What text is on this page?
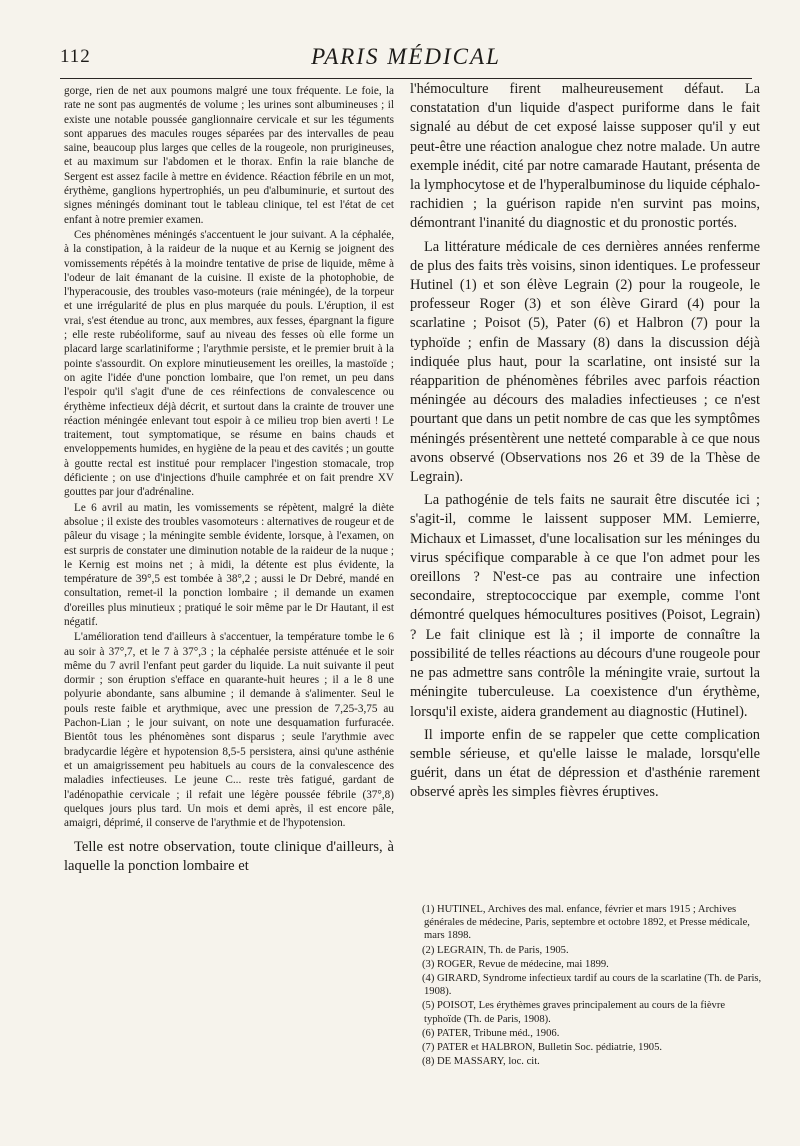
112	PARIS MÉDICAL

gorge, rien de net aux poumons malgré une toux fréquente. Le foie, la rate ne sont pas augmentés de volume ; les urines sont albumineuses ; il existe une notable poussée ganglionnaire cervicale et sur les téguments sont apparues des macules rouges séparées par des intervalles de peau saine, beaucoup plus larges que celles de la rougeole, non prurigineuses, et au maximum sur l'abdomen et le thorax. Enfin la raie blanche de Sergent est assez facile à mettre en évidence. Réaction fébrile en un mot, érythème, ganglions hypertrophiés, un peu d'albuminurie, et surtout des signes méningés dominant tout le tableau clinique, tel est l'état de cet enfant à notre premier examen.

Ces phénomènes méningés s'accentuent le jour suivant. A la céphalée, à la constipation, à la raideur de la nuque et au Kernig se joignent des vomissements répétés à la moindre tentative de prise de liquide, même à l'odeur de lait émanant de la cuisine. Il existe de la photophobie, de l'hyperacousie, des troubles vaso-moteurs (raie méningée), de la torpeur et une irrégularité de plus en plus marquée du pouls. L'éruption, il est vrai, s'est étendue au tronc, aux membres, aux fesses, épargnant la figure ; elle reste rubéoliforme, sauf au niveau des fesses où elle forme un placard large scarlatiniforme ; l'arythmie persiste, et le premier bruit à la pointe s'assourdit. On explore minutieusement les oreilles, la mastoïde ; on agite l'idée d'une ponction lombaire, que l'on remet, un peu dans l'espoir qu'il s'agit d'une de ces réinfections de convalescence ou érythème infectieux déjà décrit, et surtout dans la crainte de trouver une réaction méningée enlevant tout espoir à ce milieu trop bien averti ! Le traitement, tout symptomatique, se résume en bains chauds et enveloppements humides, en hygiène de la peau et des cavités ; un goutte à goutte rectal est institué pour remplacer l'ingestion stomacale, trop déficiente ; on use d'injections d'huile camphrée et on fait prendre XV gouttes par jour d'adrénaline.

Le 6 avril au matin, les vomissements se répètent, malgré la diète absolue ; il existe des troubles vasomoteurs : alternatives de rougeur et de pâleur du visage ; la méningite semble évidente, lorsque, à l'examen, on est surpris de constater une diminution notable de la raideur de la nuque ; le Kernig est moins net ; à midi, la détente est plus évidente, la température de 39°,5 est tombée à 38°,2 ; aussi le Dr Debré, mandé en consultation, remet-il la ponction lombaire ; il demande un examen d'oreilles plus minutieux ; pratiqué le soir même par le Dr Hautant, il est négatif.

L'amélioration tend d'ailleurs à s'accentuer, la température tombe le 6 au soir à 37°,7, et le 7 à 37°,3 ; la céphalée persiste atténuée et le soir même du 7 avril l'enfant peut garder du liquide. La nuit suivante il peut dormir ; son éruption s'efface en quarante-huit heures ; il a le 8 une polyurie abondante, sans albumine ; il demande à s'alimenter. Seul le pouls reste faible et arythmique, avec une pression de 7,25-3,75 au Pachon-Lian ; le jour suivant, on note une desquamation furfuracée. Bientôt tous les phénomènes sont disparus ; seule l'arythmie avec bradycardie légère et hypotension 8,5-5 persistera, ainsi qu'une asthénie et un amaigrissement peu habituels au cours de la convalescence des maladies infectieuses. Le jeune C... reste très fatigué, gardant de l'adénopathie cervicale ; il refait une légère poussée fébrile (37°,8) quelques jours plus tard. Un mois et demi après, il est encore pâle, amaigri, déprimé, il conserve de l'arythmie et de l'hypotension.

Telle est notre observation, toute clinique d'ailleurs, à laquelle la ponction lombaire et

l'hémoculture firent malheureusement défaut. La constatation d'un liquide d'aspect puriforme dans le fait signalé au début de cet exposé laisse supposer qu'il y eut peut-être une réaction analogue chez notre malade. Un autre exemple inédit, cité par notre camarade Hautant, présenta de la lymphocytose et de l'hyperalbuminose du liquide céphalo-rachidien ; la guérison rapide n'en survint pas moins, démontrant l'inanité du diagnostic et du pronostic portés.

La littérature médicale de ces dernières années renferme de plus des faits très voisins, sinon identiques. Le professeur Hutinel (1) et son élève Legrain (2) pour la rougeole, le professeur Roger (3) et son élève Girard (4) pour la scarlatine ; Poisot (5), Pater (6) et Halbron (7) pour la typhoïde ; enfin de Massary (8) dans la discussion déjà indiquée plus haut, pour la scarlatine, ont insisté sur la réapparition de phénomènes fébriles avec parfois réaction méningée au décours des maladies infectieuses ; ce n'est pourtant que dans un petit nombre de cas que les symptômes méningés présentèrent une netteté comparable à ce que nous avons observé (Observations nos 26 et 39 de la Thèse de Legrain).

La pathogénie de tels faits ne saurait être discutée ici ; s'agit-il, comme le laissent supposer MM. Lemierre, Michaux et Limasset, d'une localisation sur les méninges du virus spécifique comparable à ce que l'on admet pour les oreillons ? N'est-ce pas au contraire une infection secondaire, streptococcique par exemple, comme l'ont démontré quelques hémocultures positives (Poisot, Legrain) ? Le fait clinique est là ; il importe de connaître la possibilité de telles réactions au décours d'une rougeole pour ne pas admettre sans contrôle la méningite vraie, surtout la méningite tuberculeuse. La coexistence d'un érythème, lorsqu'il existe, aidera grandement au diagnostic (Hutinel).

Il importe enfin de se rappeler que cette complication semble sérieuse, et qu'elle laisse le malade, lorsqu'elle guérit, dans un état de dépression et d'asthénie rarement observé après les simples fièvres éruptives.

(1) HUTINEL, Archives des mal. enfance, février et mars 1915 ; Archives générales de médecine, Paris, septembre et octobre 1892, et Presse médicale, mars 1898.

(2) LEGRAIN, Th. de Paris, 1905.

(3) ROGER, Revue de médecine, mai 1899.

(4) GIRARD, Syndrome infectieux tardif au cours de la scarlatine (Th. de Paris, 1908).

(5) POISOT, Les érythèmes graves principalement au cours de la fièvre typhoïde (Th. de Paris, 1908).

(6) PATER, Tribune méd., 1906.

(7) PATER et HALBRON, Bulletin Soc. pédiatrie, 1905.

(8) DE MASSARY, loc. cit.
